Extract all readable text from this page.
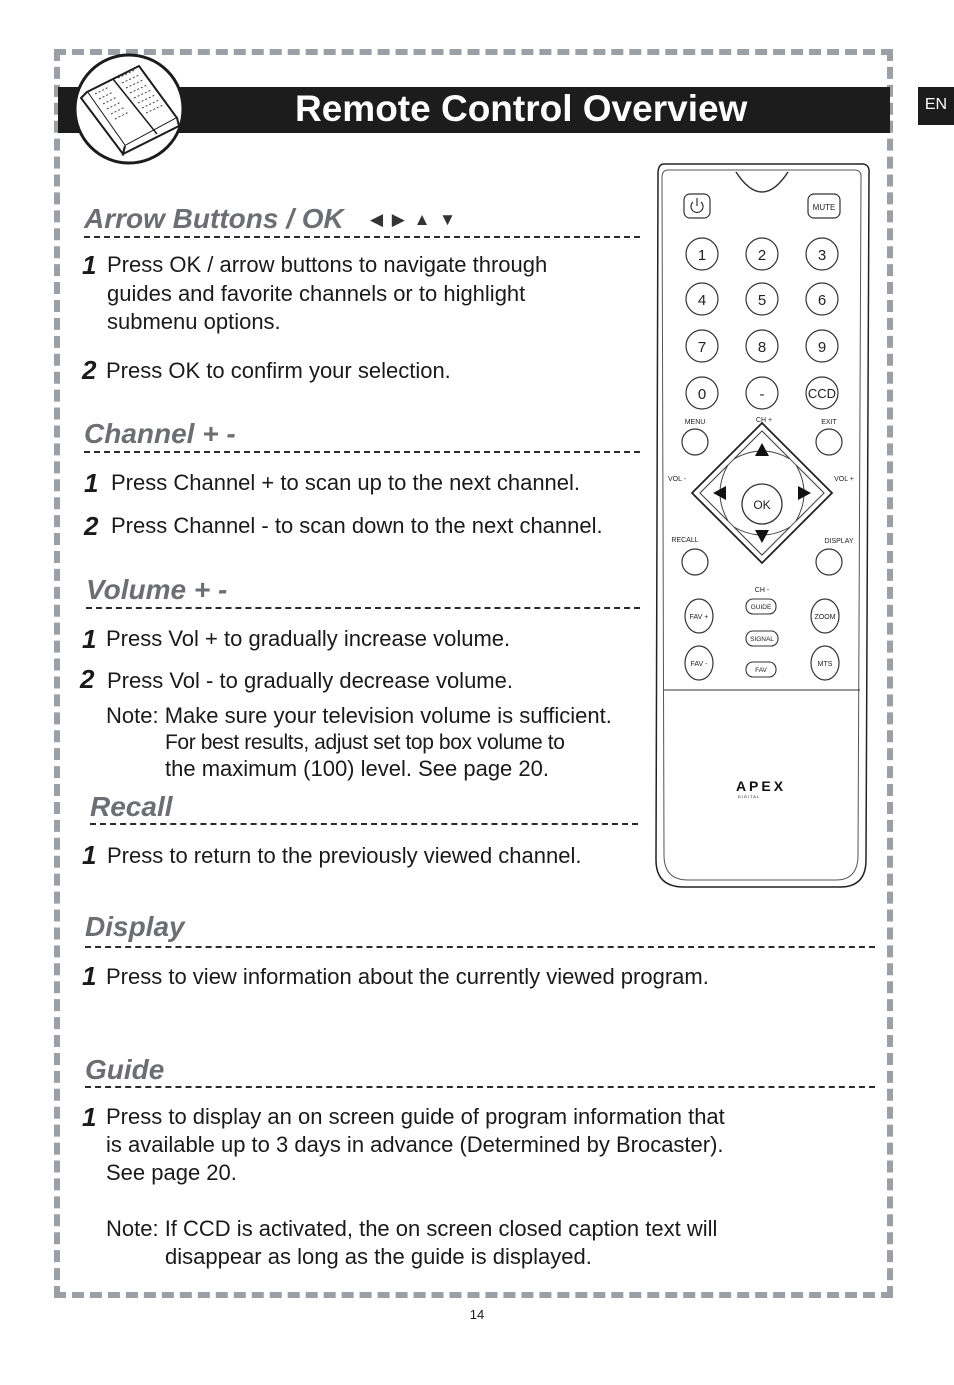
Remote Control Overview	EN
Arrow Buttons / OK ◀ ▶ ▲ ▼
1 Press OK / arrow buttons to navigate through
guides and favorite channels or to highlight
submenu options.
2 Press OK to confirm your selection.
Channel + -
1 Press Channel + to scan up to the next channel.
2 Press Channel - to scan down to the next channel.
Volume + -
1 Press Vol + to gradually increase volume.
2 Press Vol - to gradually decrease volume.
Note: Make sure your television volume is sufficient.
For best results, adjust set top box volume to
the maximum (100) level. See page 20.
Recall
1 Press to return to the previously viewed channel.
Display
1 Press to view information about the currently viewed program.
Guide
1 Press to display an on screen guide of program information that
is available up to 3 days in advance (Determined by Brocaster).
See page 20.
Note: If CCD is activated, the on screen closed caption text will
disappear as long as the guide is displayed.
MUTE
1	2	3
4	5	6
7	8	9
0	-	CCD
CH +
MENU	EXIT
OK
VOL -	VOL +
RECALL	DISPLAY
CH -
FAV +
GUIDE
ZOOM
SIGNAL
FAV -
FAV
MTS
APEX
DIGITAL
14
